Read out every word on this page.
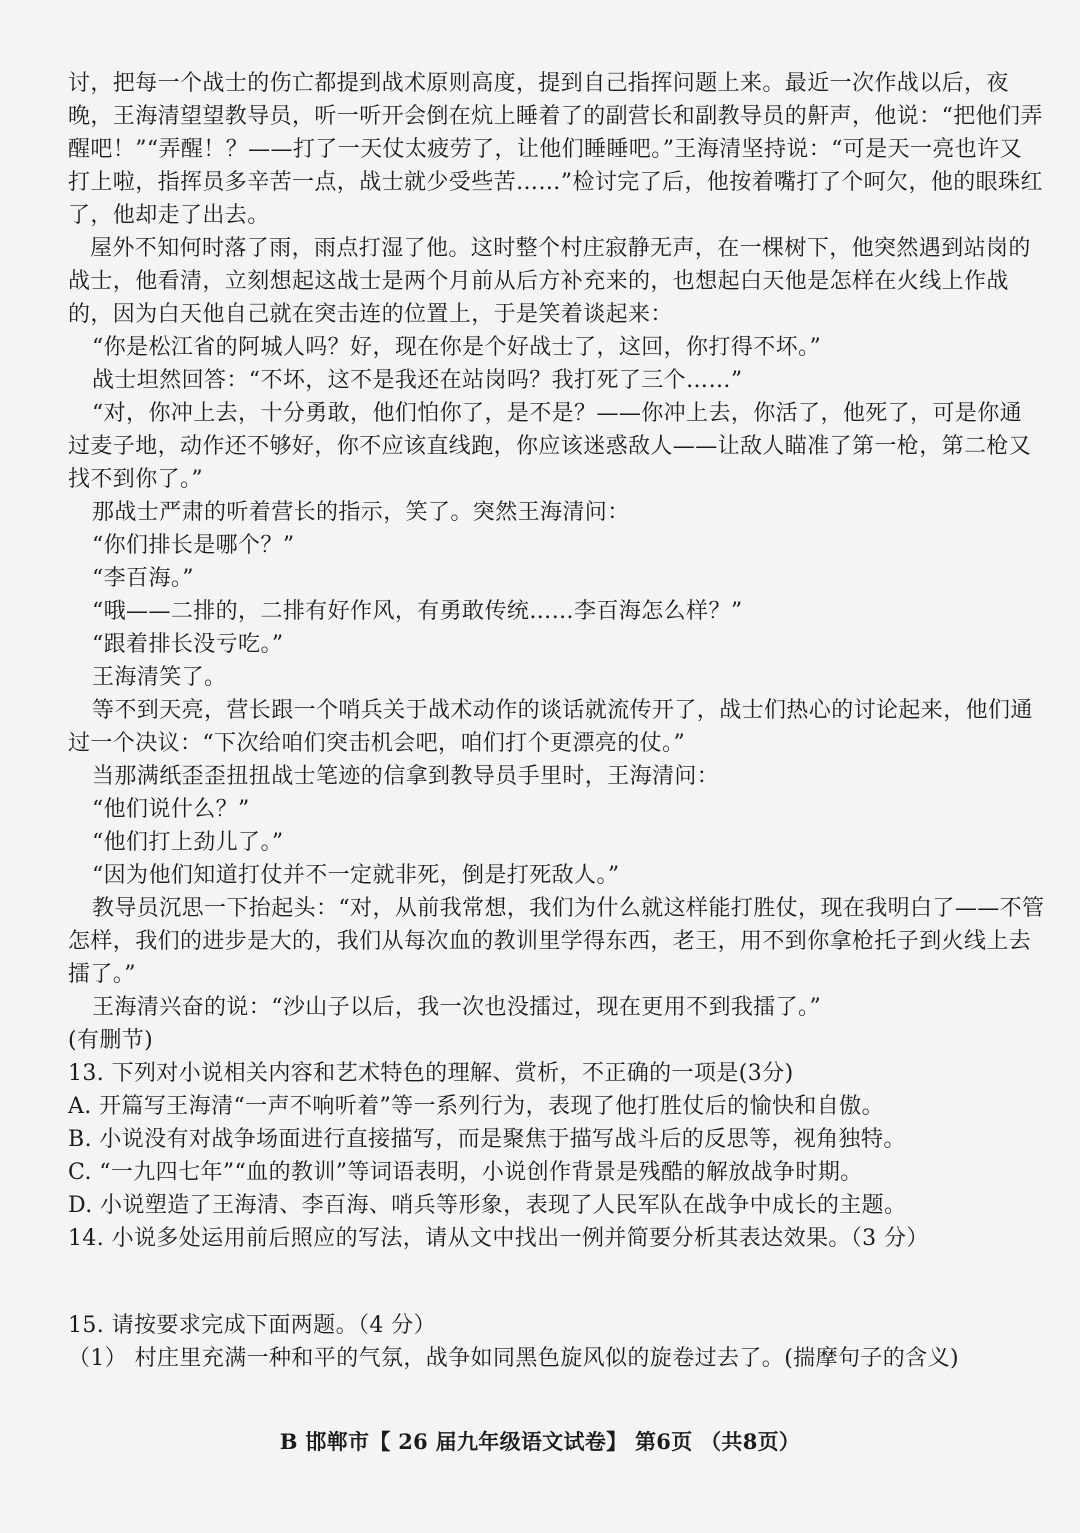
讨，把每一个战士的伤亡都提到战术原则高度，提到自己指挥问题上来。最近一次作战以后，夜
晚，王海清望望教导员，听一听开会倒在炕上睡着了的副营长和副教导员的鼾声，他说：“把他们弄
醒吧！”“弄醒！？——打了一天仗太疲劳了，让他们睡睡吧。”王海清坚持说：“可是天一亮也许又
打上啦，指挥员多辛苦一点，战士就少受些苦……”检讨完了后，他按着嘴打了个呵欠，他的眼珠红
了，他却走了出去。
屋外不知何时落了雨，雨点打湿了他。这时整个村庄寂静无声，在一棵树下，他突然遇到站岗的
战士，他看清，立刻想起这战士是两个月前从后方补充来的，也想起白天他是怎样在火线上作战
的，因为白天他自己就在突击连的位置上，于是笑着谈起来：
“你是松江省的阿城人吗？好，现在你是个好战士了，这回，你打得不坏。”
战士坦然回答：“不坏，这不是我还在站岗吗？我打死了三个……”
“对，你冲上去，十分勇敢，他们怕你了，是不是？——你冲上去，你活了，他死了，可是你通
过麦子地，动作还不够好，你不应该直线跑，你应该迷惑敌人——让敌人瞄准了第一枪，第二枪又
找不到你了。”
那战士严肃的听着营长的指示，笑了。突然王海清问：
“你们排长是哪个？”
“李百海。”
“哦——二排的，二排有好作风，有勇敢传统……李百海怎么样？”
“跟着排长没亏吃。”
王海清笑了。
等不到天亮，营长跟一个哨兵关于战术动作的谈话就流传开了，战士们热心的讨论起来，他们通
过一个决议：“下次给咱们突击机会吧，咱们打个更漂亮的仗。”
当那满纸歪歪扭扭战士笔迹的信拿到教导员手里时，王海清问：
“他们说什么？”
“他们打上劲儿了。”
“因为他们知道打仗并不一定就非死，倒是打死敌人。”
教导员沉思一下抬起头：“对，从前我常想，我们为什么就这样能打胜仗，现在我明白了——不管
怎样，我们的进步是大的，我们从每次血的教训里学得东西，老王，用不到你拿枪托子到火线上去
擂了。”
王海清兴奋的说：“沙山子以后，我一次也没擂过，现在更用不到我擂了。”
(有删节)
13. 下列对小说相关内容和艺术特色的理解、赏析，不正确的一项是(3分)
A. 开篇写王海清“一声不响听着”等一系列行为，表现了他打胜仗后的愉快和自傲。
B. 小说没有对战争场面进行直接描写，而是聚焦于描写战斗后的反思等，视角独特。
C. “一九四七年”“血的教训”等词语表明，小说创作背景是残酷的解放战争时期。
D. 小说塑造了王海清、李百海、哨兵等形象，表现了人民军队在战争中成长的主题。
14. 小说多处运用前后照应的写法，请从文中找出一例并简要分析其表达效果。（3 分）
15. 请按要求完成下面两题。（4 分）
（1） 村庄里充满一种和平的气氛，战争如同黑色旋风似的旋卷过去了。(揣摩句子的含义)
B 邯郸市【 26 届九年级语文试卷】 第6页 （共8页）
